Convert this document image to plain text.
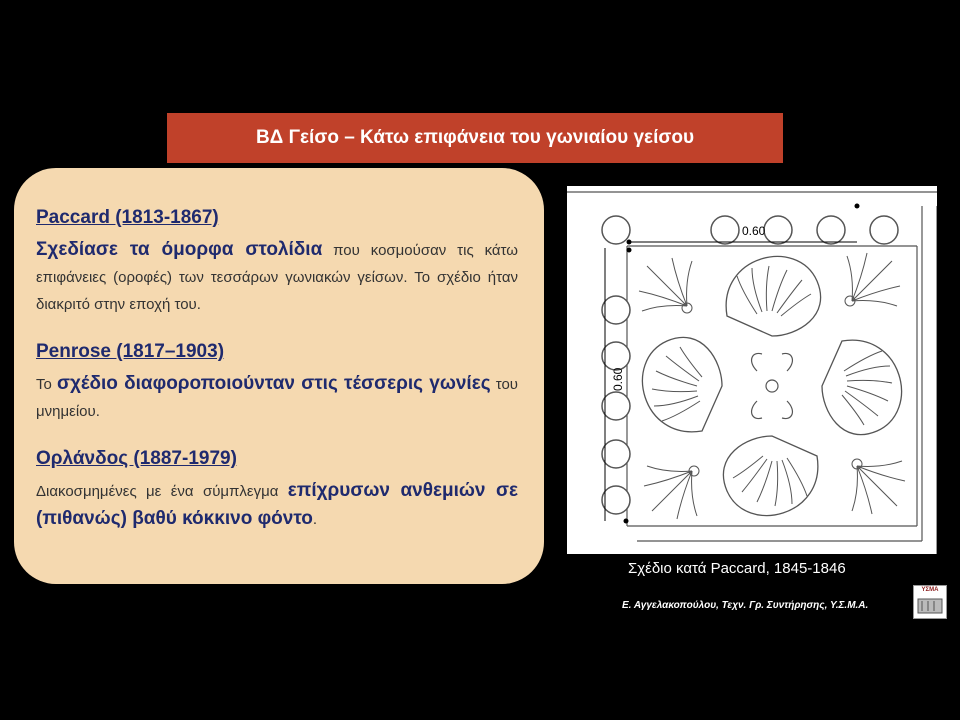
ΒΔ Γείσο – Κάτω επιφάνεια του γωνιαίου γείσου
Paccard (1813-1867)

Σχεδίασε τα όμορφα στολίδια που κοσμούσαν τις κάτω επιφάνειες (οροφές) των τεσσάρων γωνιακών γείσων. Το σχέδιο ήταν διακριτό στην εποχή του.

Penrose (1817–1903)

Το σχέδιο διαφοροποιούνταν στις τέσσερις γωνίες του μνημείου.

Ορλάνδος (1887-1979)

Διακοσμημένες με ένα σύμπλεγμα επίχρυσων ανθεμιών σε (πιθανώς) βαθύ κόκκινο φόντο.

0.60
0.60
Σχέδιο κατά Paccard, 1845-1846
Ε. Αγγελακοπούλου, Τεχν. Γρ. Συντήρησης, Υ.Σ.Μ.Α.
ΥΣΜΑ
